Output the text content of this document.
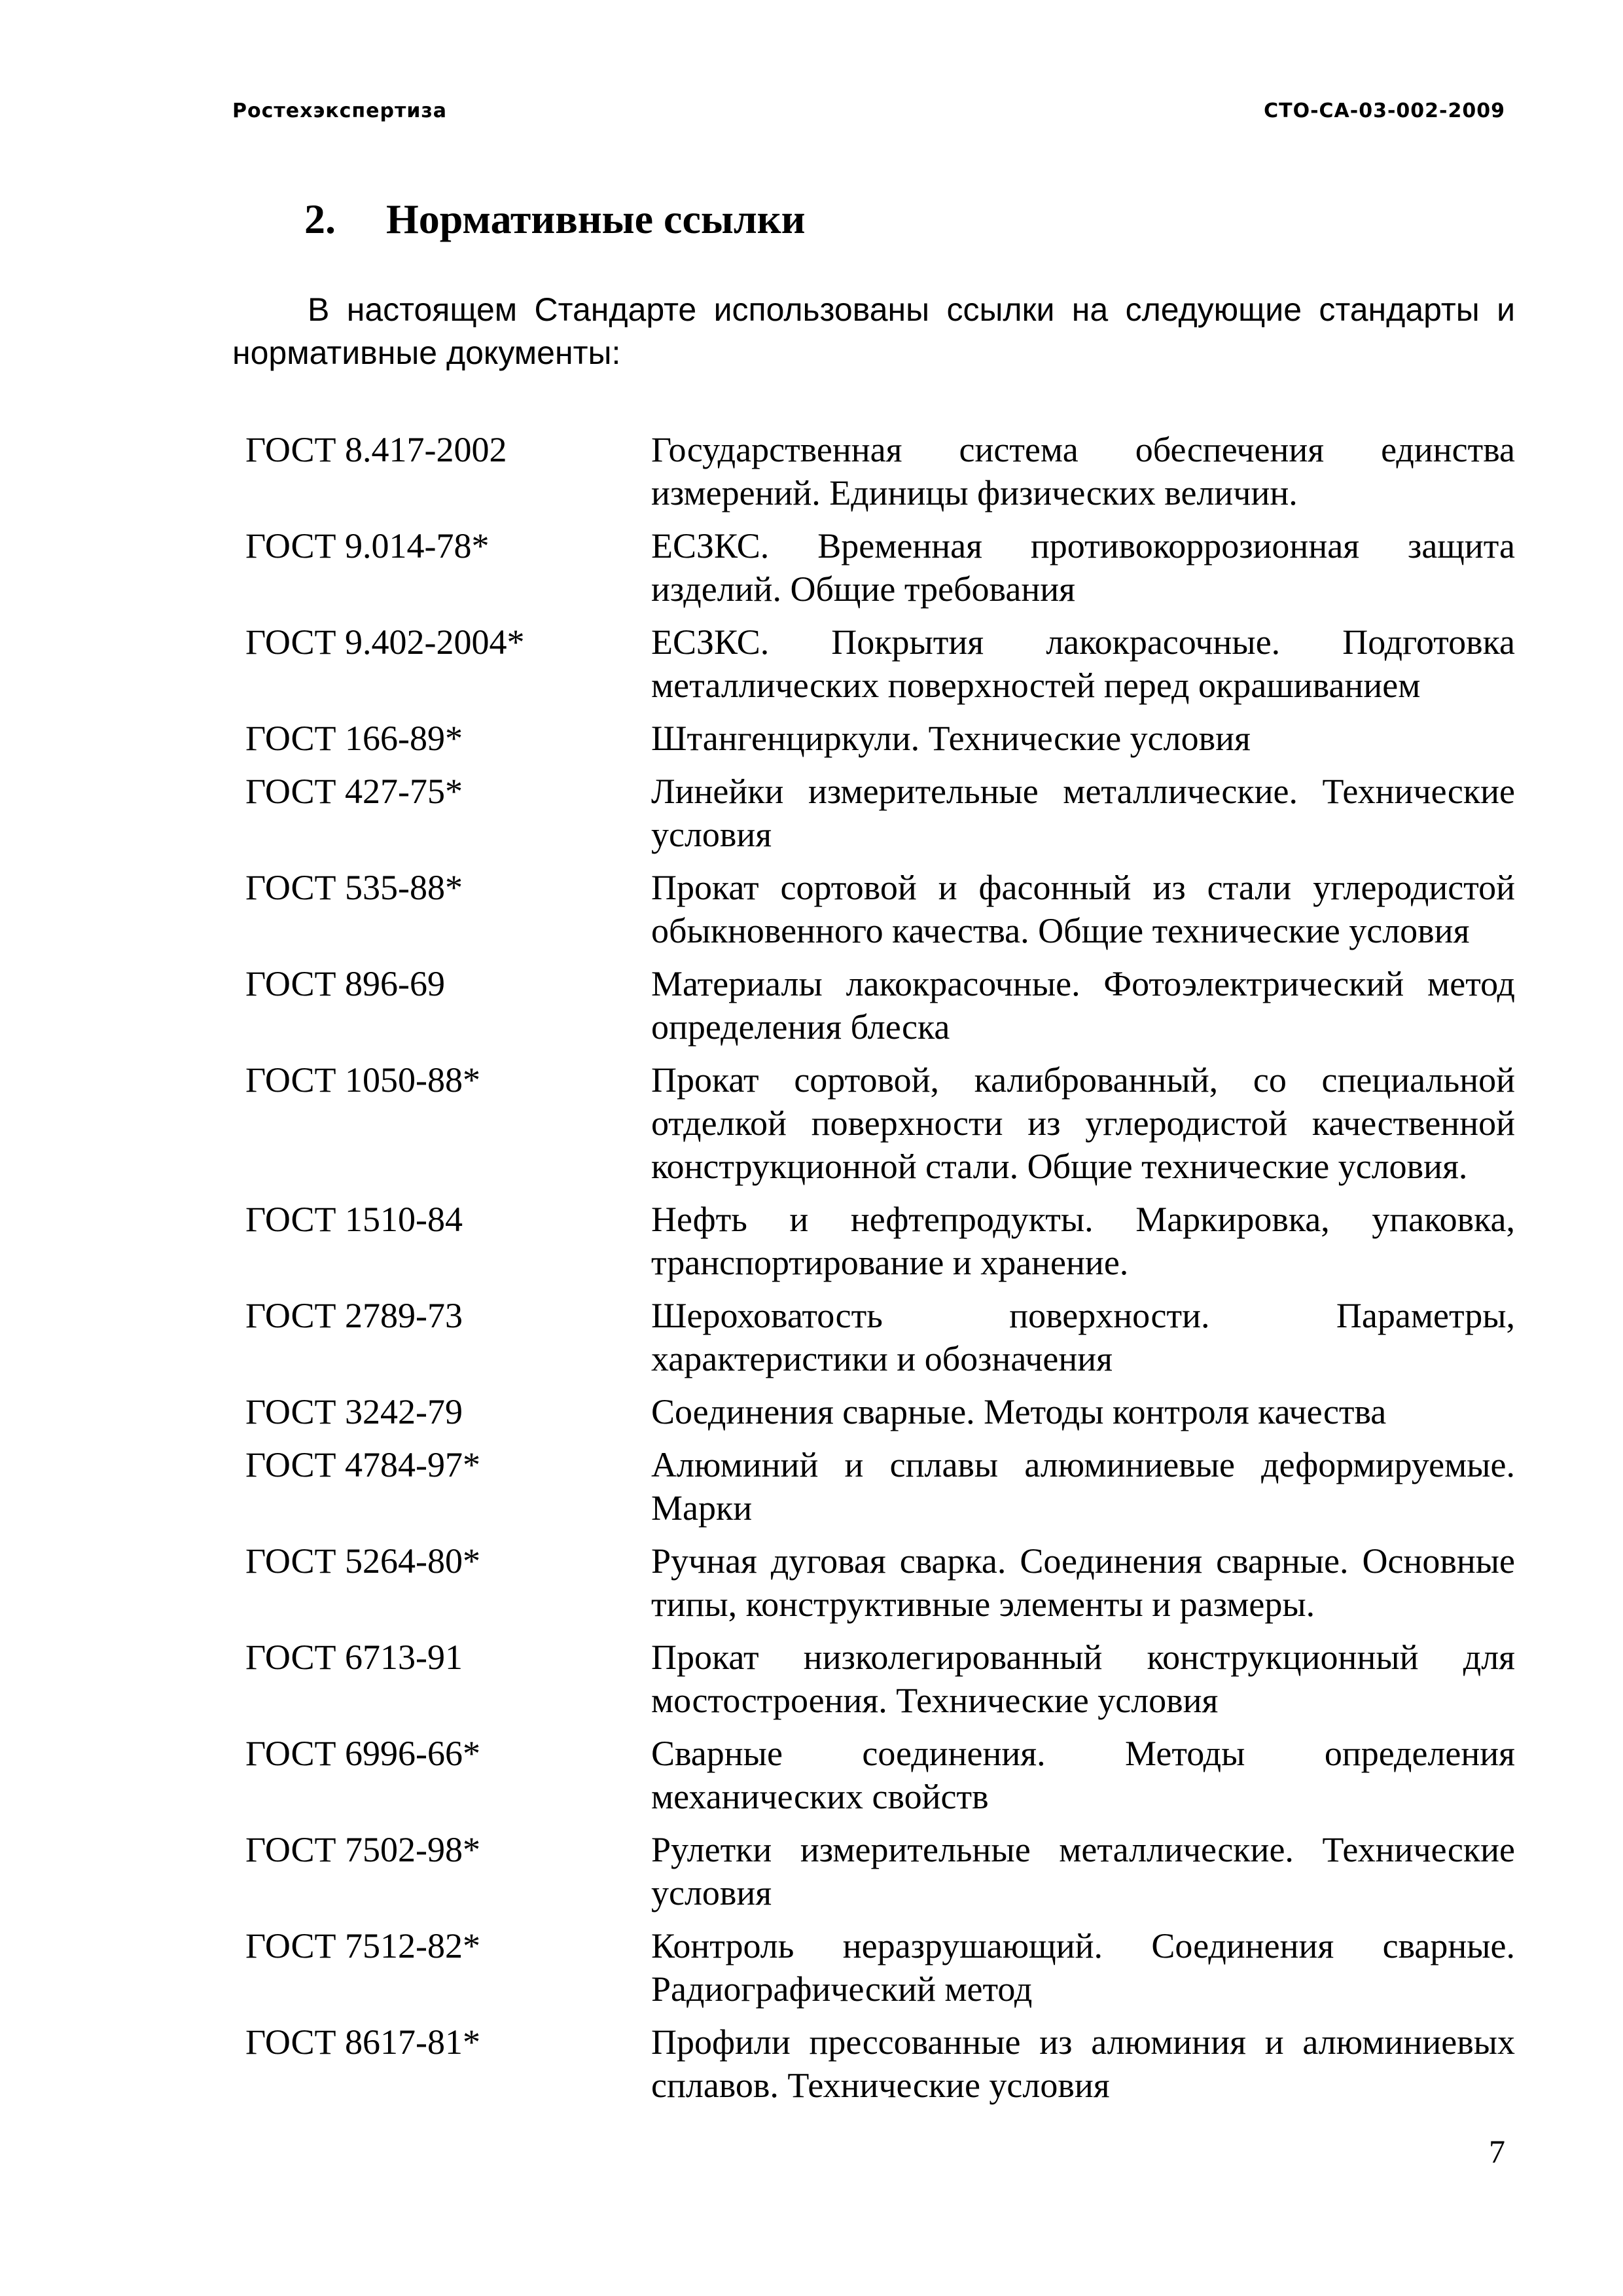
Ростехэкспертиза	СТО-СА-03-002-2009
2. Нормативные ссылки
В настоящем Стандарте использованы ссылки на следующие стандарты и нормативные документы:
ГОСТ 8.417-2002	Государственная система обеспечения единства измерений. Единицы физических величин.
ГОСТ 9.014-78*	ЕСЗКС. Временная противокоррозионная защита изделий. Общие требования
ГОСТ 9.402-2004*	ЕСЗКС. Покрытия лакокрасочные. Подготовка металлических поверхностей перед окрашиванием
ГОСТ 166-89*	Штангенциркули. Технические условия
ГОСТ 427-75*	Линейки измерительные металлические. Технические условия
ГОСТ 535-88*	Прокат сортовой и фасонный из стали углеродистой обыкновенного качества. Общие технические условия
ГОСТ 896-69	Материалы лакокрасочные. Фотоэлектрический метод определения блеска
ГОСТ 1050-88*	Прокат сортовой, калиброванный, со специальной отделкой поверхности из углеродистой качественной конструкционной стали. Общие технические условия.
ГОСТ 1510-84	Нефть и нефтепродукты. Маркировка, упаковка, транспортирование и хранение.
ГОСТ 2789-73	Шероховатость поверхности. Параметры, характеристики и обозначения
ГОСТ 3242-79	Соединения сварные. Методы контроля качества
ГОСТ 4784-97*	Алюминий и сплавы алюминиевые деформируемые. Марки
ГОСТ 5264-80*	Ручная дуговая сварка. Соединения сварные. Основные типы, конструктивные элементы и размеры.
ГОСТ 6713-91	Прокат низколегированный конструкционный для мостостроения. Технические условия
ГОСТ 6996-66*	Сварные соединения. Методы определения механических свойств
ГОСТ 7502-98*	Рулетки измерительные металлические. Технические условия
ГОСТ 7512-82*	Контроль неразрушающий. Соединения сварные. Радиографический метод
ГОСТ 8617-81*	Профили прессованные из алюминия и алюминиевых сплавов. Технические условия
7
